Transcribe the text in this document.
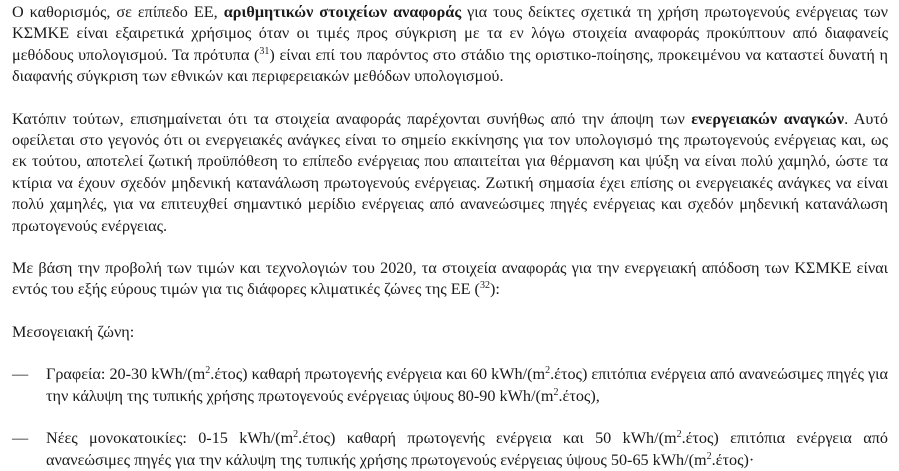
Ο καθορισμός, σε επίπεδο ΕΕ, αριθμητικών στοιχείων αναφοράς για τους δείκτες σχετικά τη χρήση πρωτογενούς ενέργειας των ΚΣΜΚΕ είναι εξαιρετικά χρήσιμος όταν οι τιμές προς σύγκριση με τα εν λόγω στοιχεία αναφοράς προκύπτουν από διαφανείς μεθόδους υπολογισμού. Τα πρότυπα ($^{31}$) είναι επί του παρόντος στο στάδιο της οριστικο-ποίησης, προκειμένου να καταστεί δυνατή η διαφανής σύγκριση των εθνικών και περιφερειακών μεθόδων υπολογισμού.

Κατόπιν τούτων, επισημαίνεται ότι τα στοιχεία αναφοράς παρέχονται συνήθως από την άποψη των ενεργειακών αναγκών. Αυτό οφείλεται στο γεγονός ότι οι ενεργειακές ανάγκες είναι το σημείο εκκίνησης για τον υπολογισμό της πρωτογενούς ενέργειας και, ως εκ τούτου, αποτελεί ζωτική προϋπόθεση το επίπεδο ενέργειας που απαιτείται για θέρμανση και ψύξη να είναι πολύ χαμηλό, ώστε τα κτίρια να έχουν σχεδόν μηδενική κατανάλωση πρωτογενούς ενέργειας. Ζωτική σημασία έχει επίσης οι ενεργειακές ανάγκες να είναι πολύ χαμηλές, για να επιτευχθεί σημαντικό μερίδιο ενέργειας από ανανεώσιμες πηγές ενέργειας και σχεδόν μηδενική κατανάλωση πρωτογενούς ενέργειας.

Με βάση την προβολή των τιμών και τεχνολογιών του 2020, τα στοιχεία αναφοράς για την ενεργειακή απόδοση των ΚΣΜΚΕ είναι εντός του εξής εύρους τιμών για τις διάφορες κλιματικές ζώνες της ΕΕ ($^{32}$):

Μεσογειακή ζώνη:

—	Γραφεία: 20-30 kWh/$(m^2.έ\tau o\varsigma)$ καθαρή πρωτογενής ενέργεια και 60 kWh/$(m^2.έ\tau o\varsigma)$ επιτόπια ενέργεια από ανανεώσιμες πηγές για την κάλυψη της τυπικής χρήσης πρωτογενούς ενέργειας ύψους 80-90 kWh/$(m^2.έ\tau o\varsigma)$,
—	Νέες μονοκατοικίες: 0-15 kWh/$(m^2.έ\tau o\varsigma)$ καθαρή πρωτογενής ενέργεια και 50 kWh/$(m^2.έ\tau o\varsigma)$ επιτόπια ενέργεια από ανανεώσιμες πηγές για την κάλυψη της τυπικής χρήσης πρωτογενούς ενέργειας ύψους 50-65 kWh/$(m^2.έ\tau o\varsigma)\cdot$
